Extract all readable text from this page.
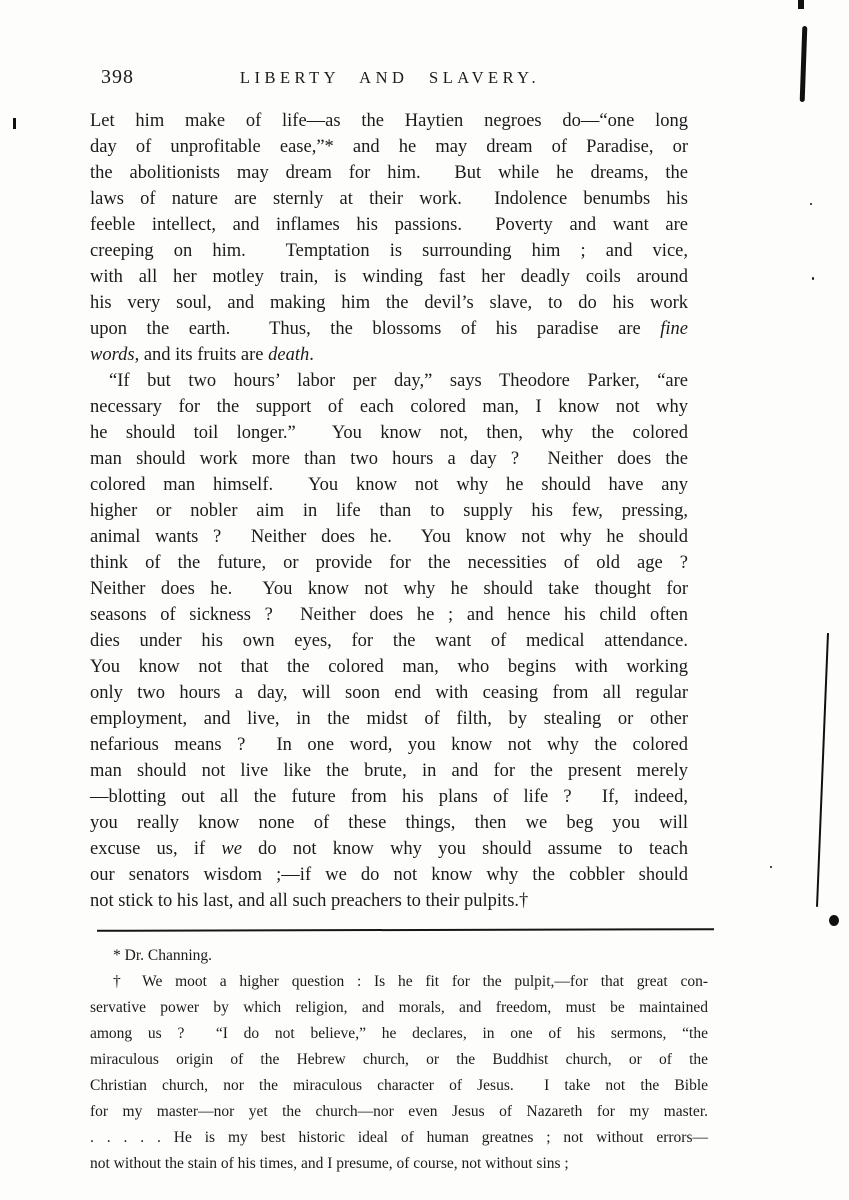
398	LIBERTY AND SLAVERY.
Let him make of life—as the Haytien negroes do—“one long
day of unprofitable ease,”* and he may dream of Paradise, or
the abolitionists may dream for him.  But while he dreams, the
laws of nature are sternly at their work.  Indolence benumbs his
feeble intellect, and inflames his passions.  Poverty and want are
creeping on him.  Temptation is surrounding him ; and vice,
with all her motley train, is winding fast her deadly coils around
his very soul, and making him the devil’s slave, to do his work
upon the earth.  Thus, the blossoms of his paradise are fine
words, and its fruits are death.
“If but two hours’ labor per day,” says Theodore Parker, “are
necessary for the support of each colored man, I know not why
he should toil longer.”  You know not, then, why the colored
man should work more than two hours a day ?  Neither does the
colored man himself.  You know not why he should have any
higher or nobler aim in life than to supply his few, pressing,
animal wants ?  Neither does he.  You know not why he should
think of the future, or provide for the necessities of old age ?
Neither does he.  You know not why he should take thought for
seasons of sickness ?  Neither does he ; and hence his child often
dies under his own eyes, for the want of medical attendance.
You know not that the colored man, who begins with working
only two hours a day, will soon end with ceasing from all regular
employment, and live, in the midst of filth, by stealing or other
nefarious means ?  In one word, you know not why the colored
man should not live like the brute, in and for the present merely
—blotting out all the future from his plans of life ?  If, indeed,
you really know none of these things, then we beg you will
excuse us, if we do not know why you should assume to teach
our senators wisdom ;—if we do not know why the cobbler should
not stick to his last, and all such preachers to their pulpits.†
* Dr. Channing.
† We moot a higher question : Is he fit for the pulpit,—for that great con-
servative power by which religion, and morals, and freedom, must be maintained
among us ?  “I do not believe,” he declares, in one of his sermons, “the
miraculous origin of the Hebrew church, or the Buddhist church, or of the
Christian church, nor the miraculous character of Jesus.  I take not the Bible
for my master—nor yet the church—nor even Jesus of Nazareth for my master.
. . . . . He is my best historic ideal of human greatnes ; not without errors—
not without the stain of his times, and I presume, of course, not without sins ;
